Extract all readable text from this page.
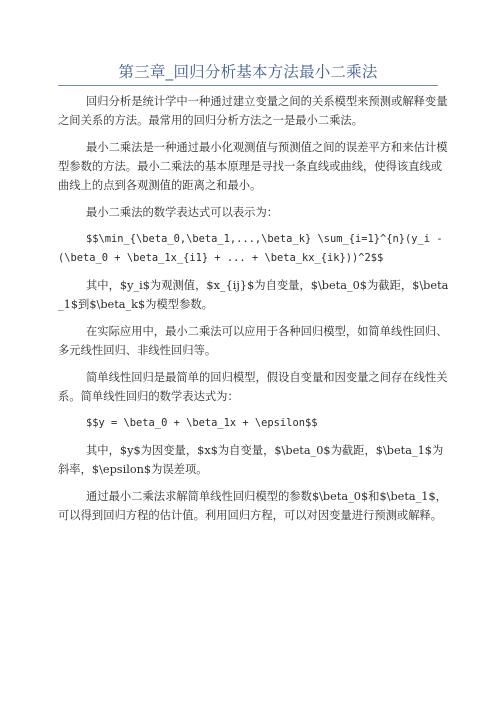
第三章_回归分析基本方法最小二乘法

回归分析是统计学中一种通过建立变量之间的关系模型来预测或解释变量之间关系的方法。最常用的回归分析方法之一是最小二乘法。

最小二乘法是一种通过最小化观测值与预测值之间的误差平方和来估计模型参数的方法。最小二乘法的基本原理是寻找一条直线或曲线，使得该直线或曲线上的点到各观测值的距离之和最小。

最小二乘法的数学表达式可以表示为：

$$\min_{\beta_0,\beta_1,...,\beta_k} \sum_{i=1}^{n}(y_i - (\beta_0 + \beta_1x_{i1} + ... + \beta_kx_{ik}))^2$$

其中，$y_i$为观测值，$x_{ij}$为自变量，$\beta_0$为截距，$\beta_1$到$\beta_k$为模型参数。

在实际应用中，最小二乘法可以应用于各种回归模型，如简单线性回归、多元线性回归、非线性回归等。

简单线性回归是最简单的回归模型，假设自变量和因变量之间存在线性关系。简单线性回归的数学表达式为：

$$y = \beta_0 + \beta_1x + \epsilon$$

其中，$y$为因变量，$x$为自变量，$\beta_0$为截距，$\beta_1$为斜率，$\epsilon$为误差项。

通过最小二乘法求解简单线性回归模型的参数$\beta_0$和$\beta_1$，可以得到回归方程的估计值。利用回归方程，可以对因变量进行预测或解释。
